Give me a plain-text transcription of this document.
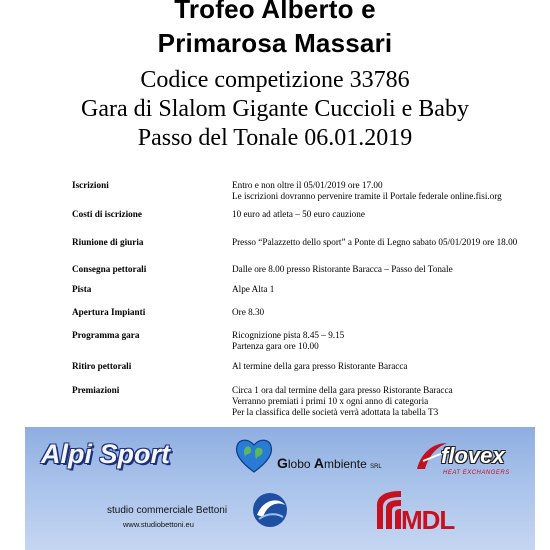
Trofeo Alberto e
Primarosa Massari
Codice competizione 33786
Gara di Slalom Gigante Cuccioli e Baby
Passo del Tonale 06.01.2019
Iscrizioni	Entro e non oltre il 05/01/2019 ore 17.00
Le iscrizioni dovranno pervenire tramite il Portale federale online.fisi.org
Costi di iscrizione	10 euro ad atleta – 50 euro cauzione
Riunione di giuria	Presso “Palazzetto dello sport” a Ponte di Legno sabato 05/01/2019 ore 18.00
Consegna pettorali	Dalle ore 8.00 presso Ristorante Baracca – Passo del Tonale
Pista	Alpe Alta 1
Apertura Impianti	Ore 8.30
Programma gara	Ricognizione pista 8.45 – 9.15
Partenza gara ore 10.00
Ritiro pettorali	Al termine della gara presso Ristorante Baracca
Premiazioni	Circa 1 ora dal termine della gara presso Ristorante Baracca
Verranno premiati i primi 10 x ogni anno di categoria
Per la classifica delle società verrà adottata la tabella T3
Alpi Sport	Globo Ambiente SRL	flovex
HEAT EXCHANGERS
studio commerciale Bettoni
www.studiobettoni.eu	MDL
